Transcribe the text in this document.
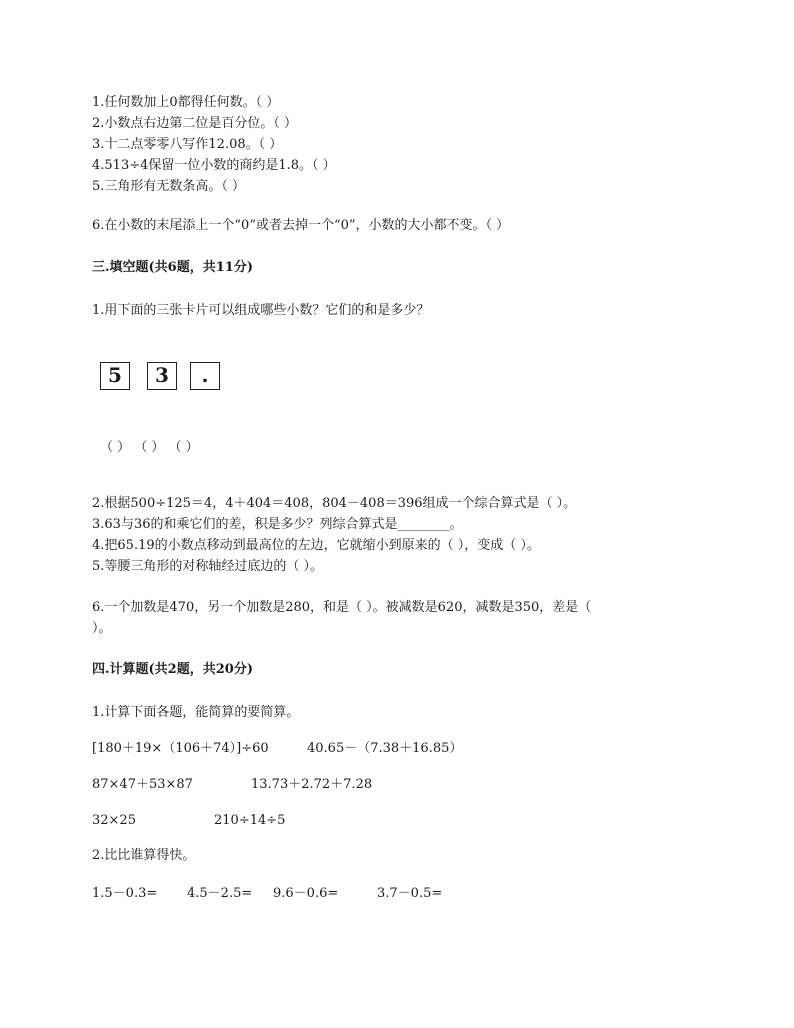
1.任何数加上0都得任何数。（ ）
2.小数点右边第二位是百分位。（ ）
3.十二点零零八写作12.08。（ ）
4.513÷4保留一位小数的商约是1.8。（ ）
5.三角形有无数条高。（ ）
6.在小数的末尾添上一个“0”或者去掉一个“0”，小数的大小都不变。（ ）
三.填空题(共6题，共11分)
1.用下面的三张卡片可以组成哪些小数？它们的和是多少？
5	3	.
（ ） （ ） （ ）
2.根据500÷125＝4，4＋404＝408，804－408＝396组成一个综合算式是（ ）。
3.63与36的和乘它们的差，积是多少？列综合算式是________。
4.把65.19的小数点移动到最高位的左边，它就缩小到原来的（ ），变成（ ）。
5.等腰三角形的对称轴经过底边的（ ）。
6.一个加数是470，另一个加数是280，和是（ ）。被减数是620，减数是350，差是（
）。
四.计算题(共2题，共20分)
1.计算下面各题，能简算的要简算。
[180＋19×（106＋74）]÷60	40.65－（7.38＋16.85）
87×47＋53×87	13.73＋2.72＋7.28
32×25	210÷14÷5
2.比比谁算得快。
1.5－0.3= 4.5－2.5= 9.6－0.6=	3.7－0.5=
